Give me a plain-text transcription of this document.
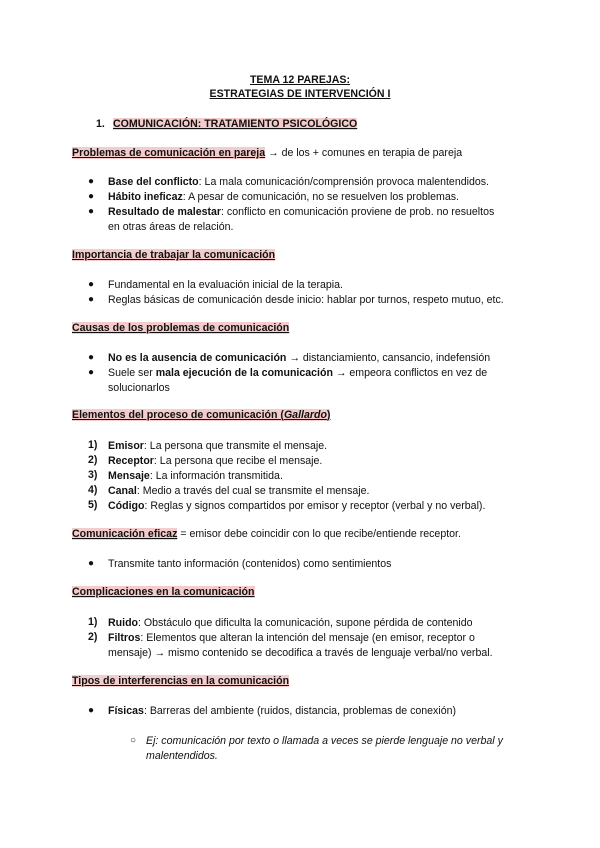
TEMA 12 PAREJAS:
ESTRATEGIAS DE INTERVENCIÓN I
1. COMUNICACIÓN: TRATAMIENTO PSICOLÓGICO
Problemas de comunicación en pareja → de los + comunes en terapia de pareja
● Base del conflicto: La mala comunicación/comprensión provoca malentendidos.
● Hábito ineficaz: A pesar de comunicación, no se resuelven los problemas.
● Resultado de malestar: conflicto en comunicación proviene de prob. no resueltos
en otras áreas de relación.
Importancia de trabajar la comunicación
● Fundamental en la evaluación inicial de la terapia.
● Reglas básicas de comunicación desde inicio: hablar por turnos, respeto mutuo, etc.
Causas de los problemas de comunicación
● No es la ausencia de comunicación → distanciamiento, cansancio, indefensión
● Suele ser mala ejecución de la comunicación → empeora conflictos en vez de
solucionarlos
Elementos del proceso de comunicación (Gallardo)
1) Emisor: La persona que transmite el mensaje.
2) Receptor: La persona que recibe el mensaje.
3) Mensaje: La información transmitida.
4) Canal: Medio a través del cual se transmite el mensaje.
5) Código: Reglas y signos compartidos por emisor y receptor (verbal y no verbal).
Comunicación eficaz = emisor debe coincidir con lo que recibe/entiende receptor.
● Transmite tanto información (contenidos) como sentimientos
Complicaciones en la comunicación
1) Ruido: Obstáculo que dificulta la comunicación, supone pérdida de contenido
2) Filtros: Elementos que alteran la intención del mensaje (en emisor, receptor o
mensaje) → mismo contenido se decodifica a través de lenguaje verbal/no verbal.
Tipos de interferencias en la comunicación
● Físicas: Barreras del ambiente (ruidos, distancia, problemas de conexión)
○ Ej: comunicación por texto o llamada a veces se pierde lenguaje no verbal y
malentendidos.
